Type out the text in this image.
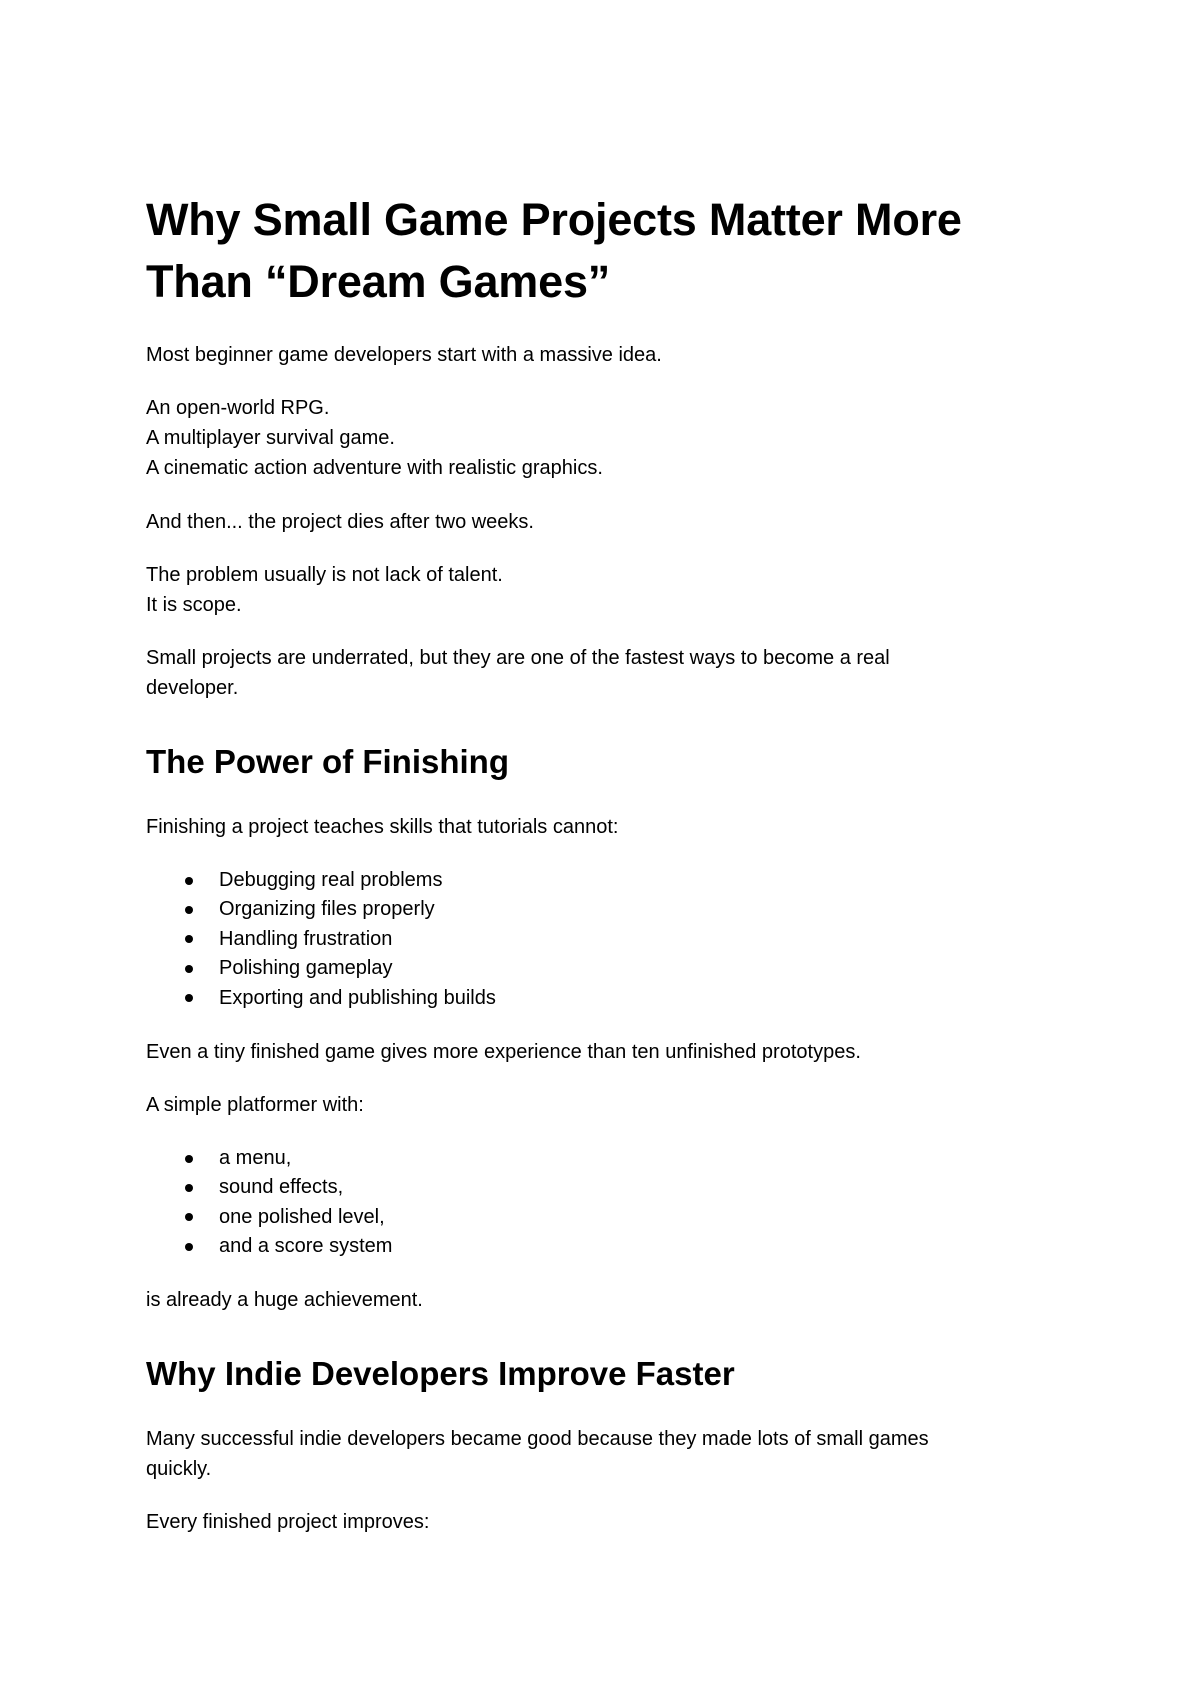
Why Small Game Projects Matter More
Than “Dream Games”

Most beginner game developers start with a massive idea.

An open-world RPG.
A multiplayer survival game.
A cinematic action adventure with realistic graphics.

And then... the project dies after two weeks.

The problem usually is not lack of talent.
It is scope.

Small projects are underrated, but they are one of the fastest ways to become a real
developer.

The Power of Finishing

Finishing a project teaches skills that tutorials cannot:

Debugging real problems
Organizing files properly
Handling frustration
Polishing gameplay
Exporting and publishing builds

Even a tiny finished game gives more experience than ten unfinished prototypes.

A simple platformer with:

a menu,
sound effects,
one polished level,
and a score system

is already a huge achievement.

Why Indie Developers Improve Faster

Many successful indie developers became good because they made lots of small games
quickly.

Every finished project improves:
